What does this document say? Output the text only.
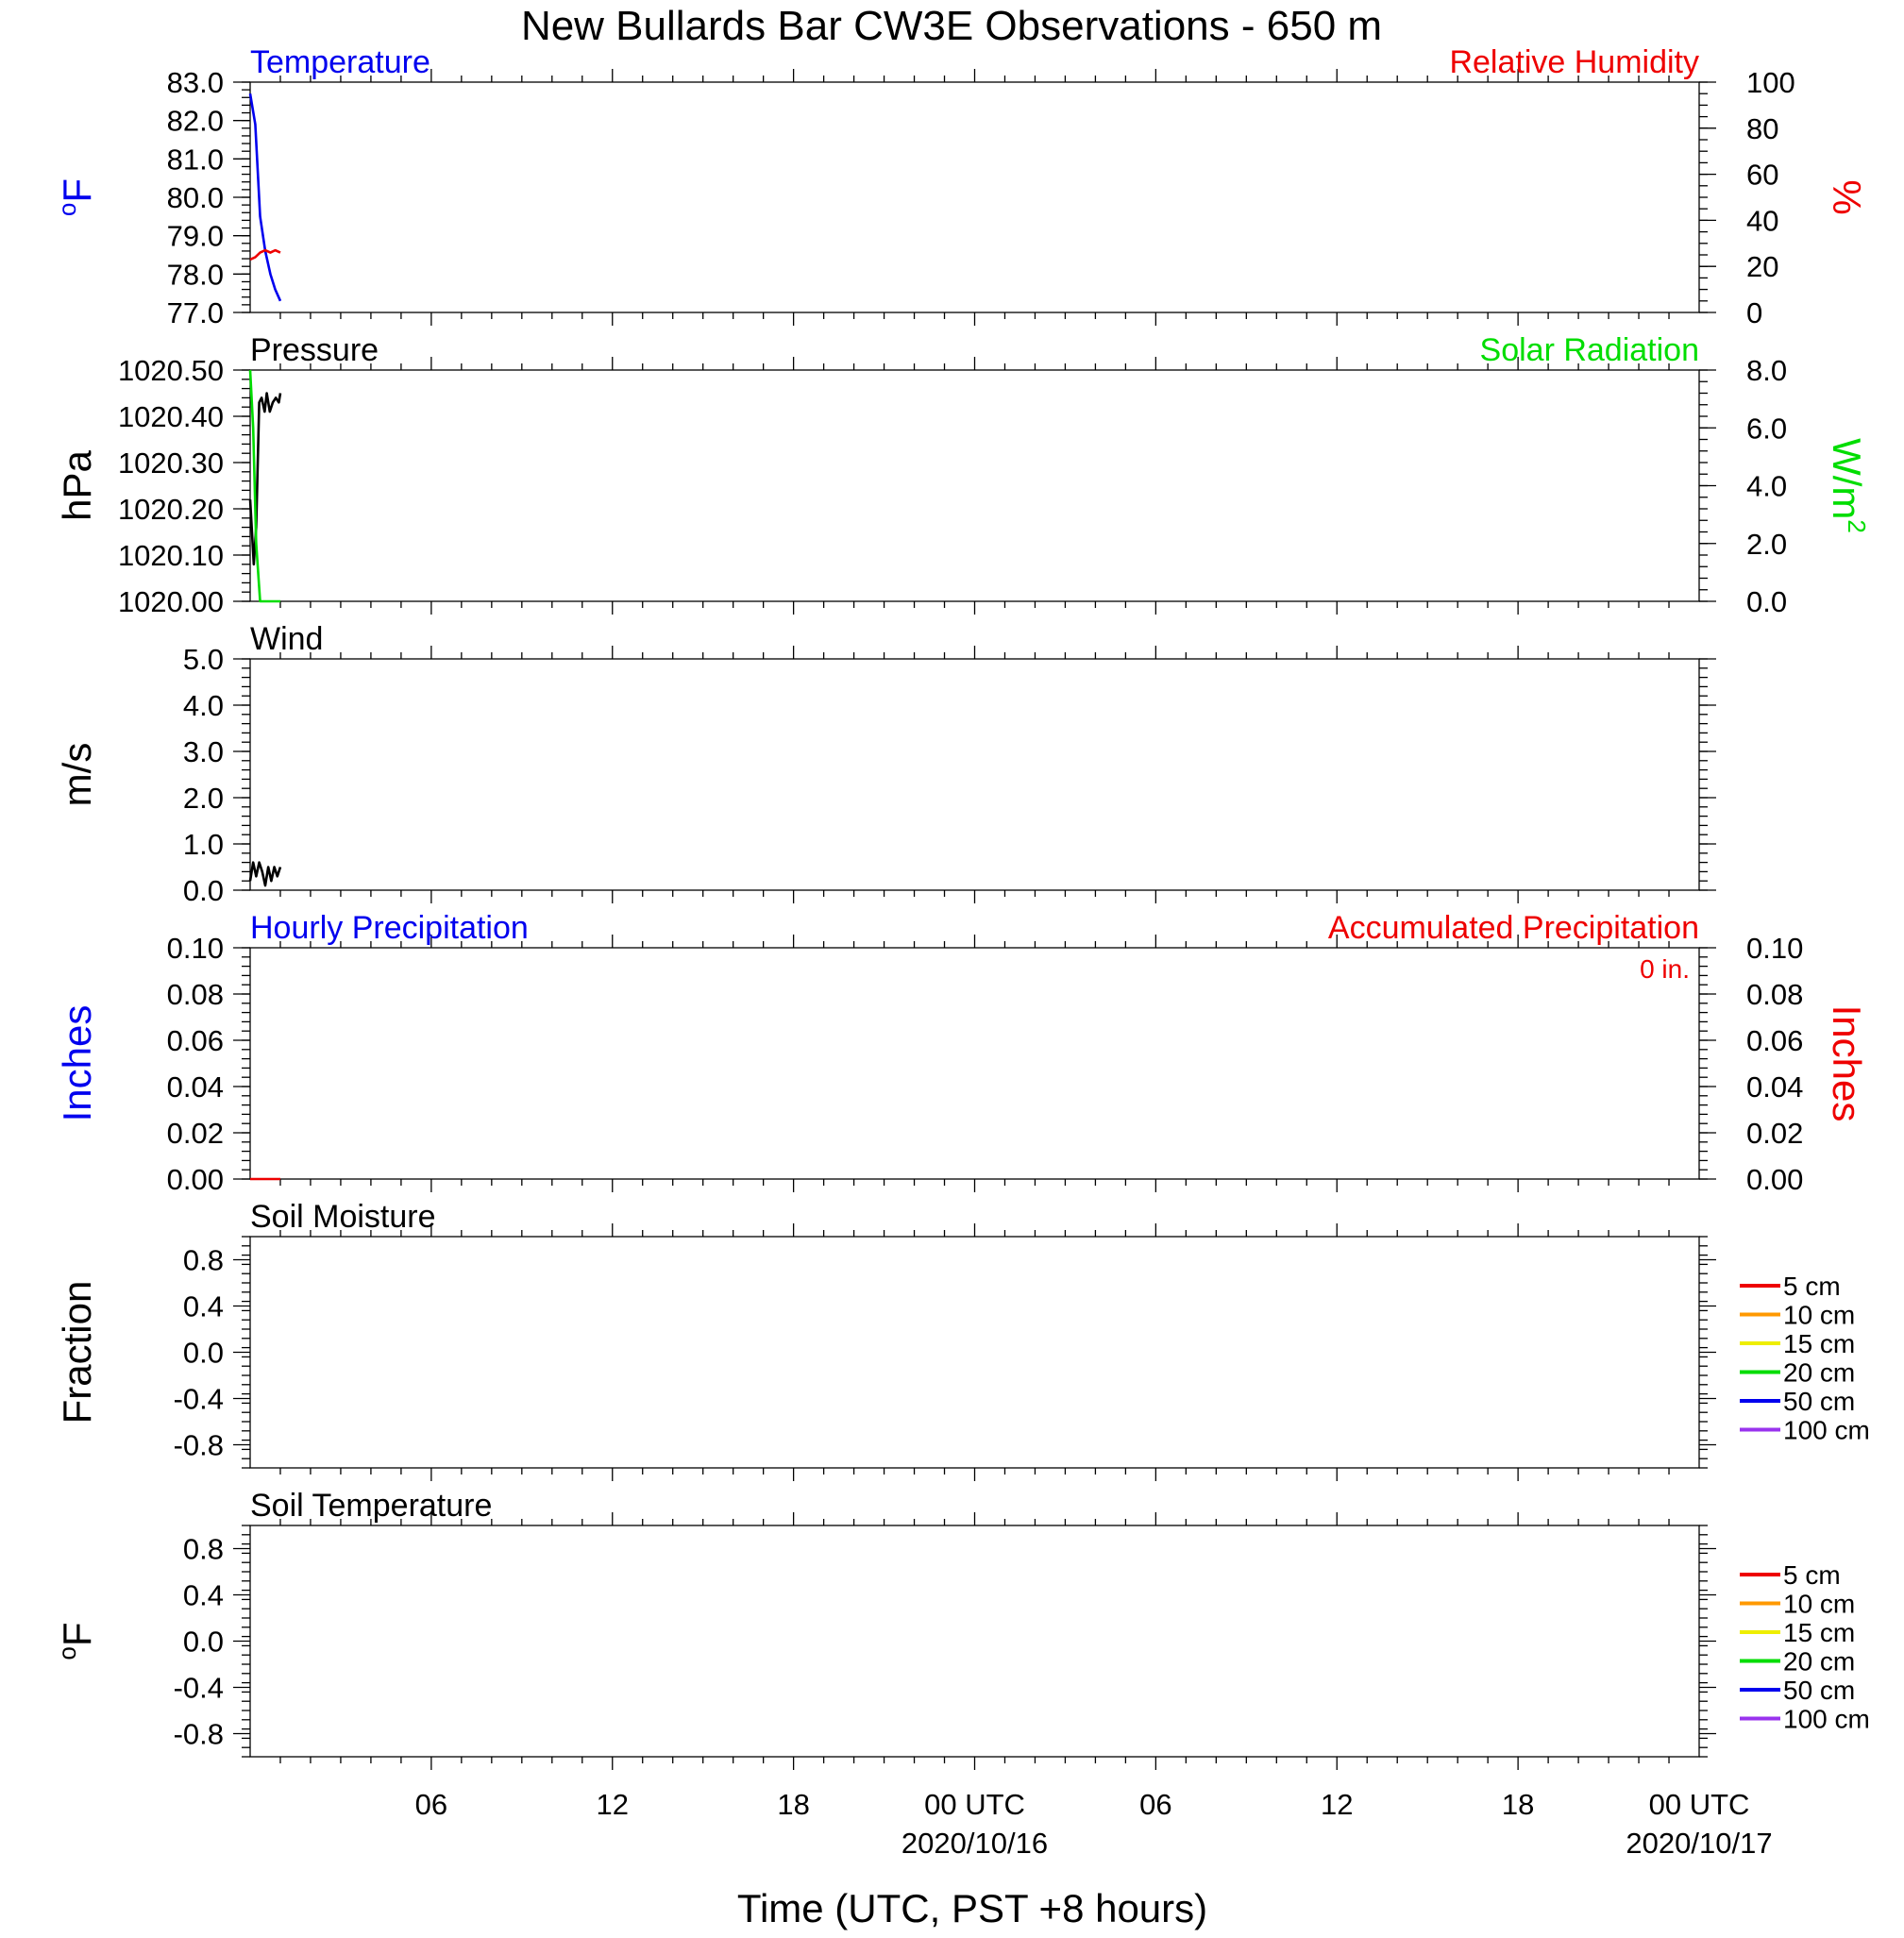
New Bullards Bar CW3E Observations - 650 m
77.0
78.0
79.0
80.0
81.0
82.0
83.0
0
20
40
60
80
100
Temperature	Relative Humidity
$^o$F	%
1020.00
1020.10
1020.20
1020.30
1020.40
1020.50
0.0
2.0
4.0
6.0
8.0
Pressure	Solar Radiation
hPa	$W/m^2$
0.0
1.0
2.0
3.0
4.0
5.0
Wind
m/s
0.00
0.02
0.04
0.06
0.08
0.10
0.00
0.02
0.04
0.06
0.08
0.10
Hourly Precipitation	Accumulated Precipitation
Inches	Inches
-0.8
-0.4
0.0
0.4
0.8
Soil Moisture
5 cm
10 cm
15 cm
20 cm
50 cm
100 cm
Fraction
-0.8
-0.4
0.0
0.4
0.8
Soil Temperature
5 cm
10 cm
15 cm
20 cm
50 cm
100 cm
$^o$F
0 in.
06	12	18	00 UTC
2020/10/16
06	12	18	00 UTC
2020/10/17
Time (UTC, PST +8 hours)
